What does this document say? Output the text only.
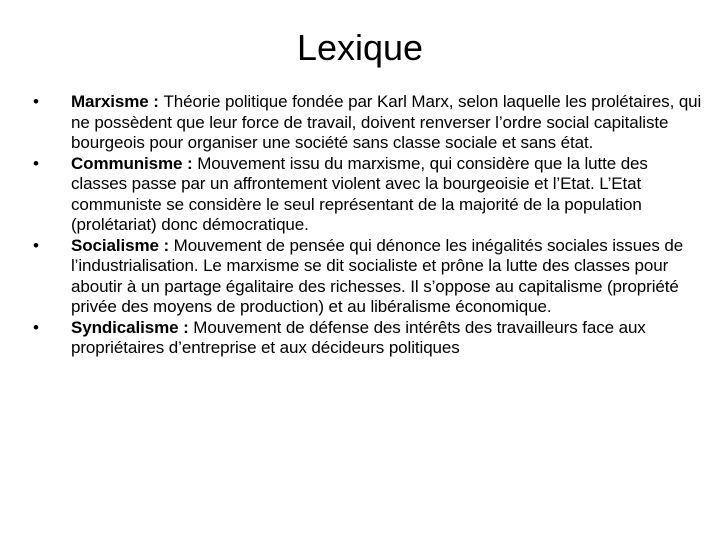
Lexique
• Marxisme : Théorie politique fondée par Karl Marx, selon laquelle les prolétaires, qui ne possèdent que leur force de travail, doivent renverser l’ordre social capitaliste bourgeois pour organiser une société sans classe sociale et sans état.
• Communisme : Mouvement issu du marxisme, qui considère que la lutte des classes passe par un affrontement violent avec la bourgeoisie et l’Etat. L’Etat communiste se considère le seul représentant de la majorité de la population (prolétariat) donc démocratique.
• Socialisme : Mouvement de pensée qui dénonce les inégalités sociales issues de l’industrialisation. Le marxisme se dit socialiste et prône la lutte des classes pour aboutir à un partage égalitaire des richesses. Il s’oppose au capitalisme (propriété privée des moyens de production) et au libéralisme économique.
• Syndicalisme : Mouvement de défense des intérêts des travailleurs face aux propriétaires d’entreprise et aux décideurs politiques
